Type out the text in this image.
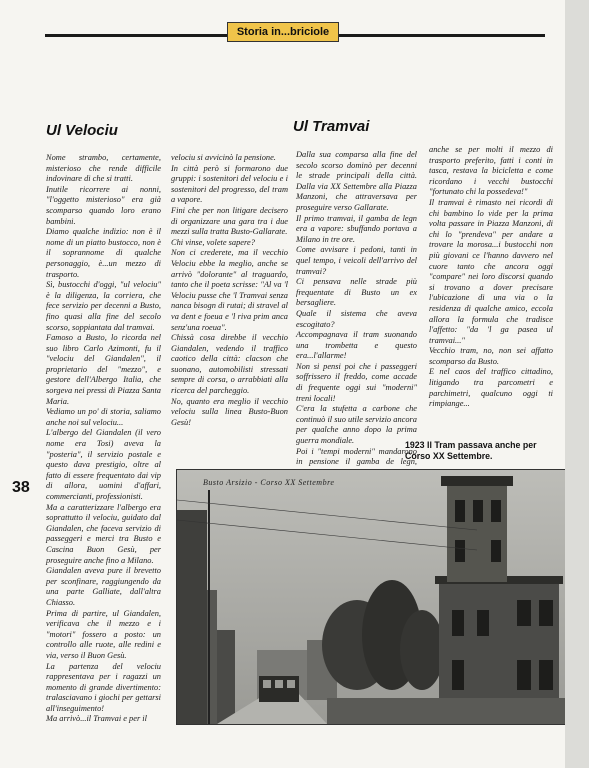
Storia in...briciole
Ul Velociu	Ul Tramvai

Nome strambo, certamente, misterioso che rende difficile indovinare di che si tratti.

Inutile ricorrere ai nonni, "l'oggetto misterioso" era già scomparso quando loro erano bambini.

Diamo qualche indizio: non è il nome di un piatto bustocco, non è il soprannome di qualche personaggio, è...un mezzo di trasporto.

Sì, bustocchi d'oggi, "ul velociu" è la diligenza, la corriera, che fece servizio per decenni a Busto, fino quasi alla fine del secolo scorso, soppiantata dal tramvai.

Famoso a Busto, lo ricorda nel suo libro Carlo Azimonti, fu il "velociu del Giandalen", il proprietario del "mezzo", e gestore dell'Albergo Italia, che sorgeva nei pressi di Piazza Santa Maria.

Vediamo un po' di storia, saliamo anche noi sul velociu...

L'albergo del Giandalen (il vero nome era Tosi) aveva la "posteria", il servizio postale e questo dava prestigio, oltre al fatto di essere frequentato dai vip di allora, uomini d'affari, commercianti, professionisti.

Ma a caratterizzare l'albergo era soprattutto il velociu, guidato dal Giandalen, che faceva servizio di passeggeri e merci tra Busto e Cascina Buon Gesù, per proseguire anche fino a Milano.

Giandalen aveva pure il brevetto per sconfinare, raggiungendo da una parte Galliate, dall'altra Chiasso.

Prima di partire, ul Giandalen, verificava che il mezzo e i "motori" fossero a posto: un controllo alle ruote, alle redini e via, verso il Buon Gesù.

La partenza del velociu rappresentava per i ragazzi un momento di grande divertimento: tralasciavano i giochi per gettarsi all'inseguimento!

Ma arrivò...il Tramvai e per il

velociu si avvicinò la pensione.

In città però si formarono due gruppi: i sostenitori del velociu e i sostenitori del progresso, del tram a vapore.

Fini che per non litigare decisero di organizzare una gara tra i due mezzi sulla tratta Busto-Gallarate.

Chi vinse, volete sapere?

Non ci crederete, ma il vecchio Velociu ebbe la meglio, anche se arrivò "dolorante" al traguardo, tanto che il poeta scrisse: "Al va 'l Velociu pusse che 'l Tramvai senza nanca bisogn di rutai; di stravel al va dent e foeua e 'l riva prim anca senz'una roeua".

Chissà cosa direbbe il vecchio Giandalen, vedendo il traffico caotico della città: clacson che suonano, automobilisti stressati sempre di corsa, o arrabbiati alla ricerca del parcheggio.

No, quanto era meglio il vecchio velociu sulla linea Busto-Buon Gesù!

Dalla sua comparsa alla fine del secolo scorso dominò per decenni le strade principali della città. Dalla via XX Settembre alla Piazza Manzoni, che attraversava per proseguire verso Gallarate.

Il primo tramvai, il gamba de legn era a vapore: sbuffando portava a Milano in tre ore.

Come avvisare i pedoni, tanti in quel tempo, i veicoli dell'arrivo del tramvai?

Ci pensava nelle strade più frequentate di Busto un ex bersagliere.

Quale il sistema che aveva escogitato?

Accompagnava il tram suonando una trombetta e questo era...l'allarme!

Non si pensi poi che i passeggeri soffrissero il freddo, come accade di frequente oggi sui "moderni" treni locali!

C'era la stufetta a carbone che continuò il suo utile servizio ancora per qualche anno dopo la prima guerra mondiale.

Poi i "tempi moderni" mandarono in pensione il gamba de legn,

anche se per molti il mezzo di trasporto preferito, fatti i conti in tasca, restava la bicicletta e come ricordano i vecchi bustocchi "fortunato chi la possedeva!"

Il tramvai è rimasto nei ricordi di chi bambino lo vide per la prima volta passare in Piazza Manzoni, di chi lo "prendeva" per andare a trovare la morosa...i bustocchi non più giovani ce l'hanno davvero nel cuore tanto che ancora oggi "compare" nei loro discorsi quando si trovano a dover precisare l'ubicazione di una via o la residenza di qualche amico, eccola allora la formula che tradisce l'affetto: "da 'l ga pasea ul tramvai..."

Vecchio tram, no, non sei affatto scomparso da Busto.

E nel caos del traffico cittadino, litigando tra parcometri e parchimetri, qualcuno oggi ti rimpiange...

38
1923 Il Tram passava anche per Corso XX Settembre.
Busto Arsizio - Corso XX Settembre
